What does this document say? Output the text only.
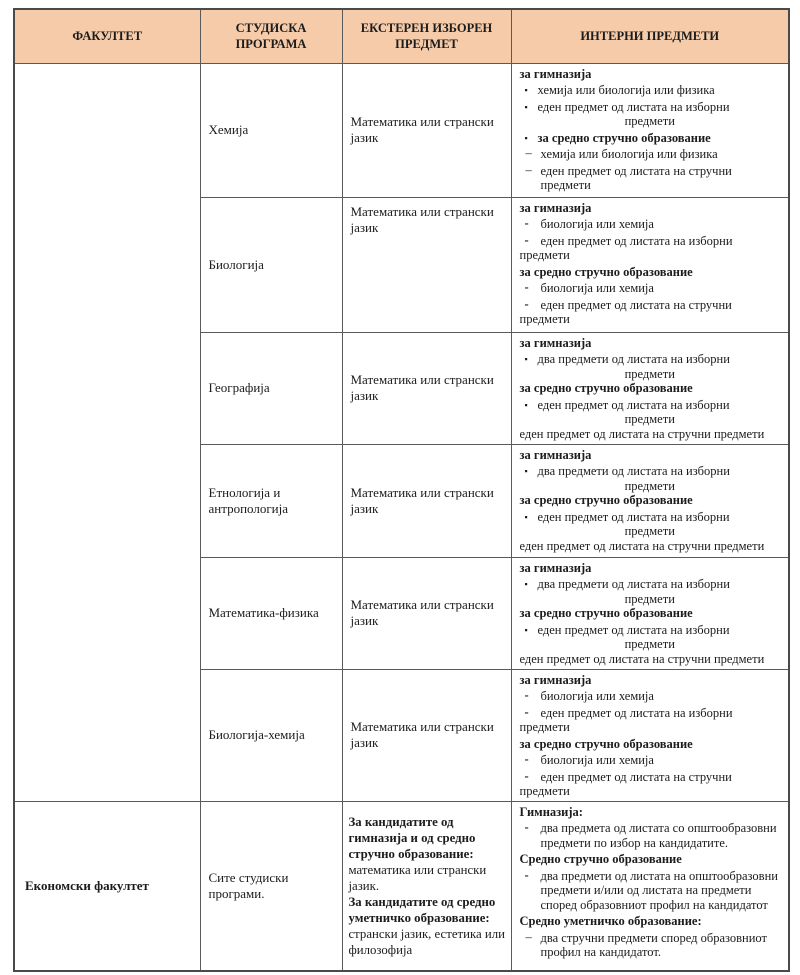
ФАКУЛТЕТ	СТУДИСКА ПРОГРАМА	ЕКСТЕРЕН ИЗБОРЕН ПРЕДМЕТ	ИНТЕРНИ ПРЕДМЕТИ
	Хемија	Математика или странски јазик	
за гимназија
▪ хемија или биологија или физика
▪ еден предмет од листата на изборни
предмети
▪ за средно стручно образование
– хемија или биологија или физика
– еден предмет од листата на стручни
предмети

Биологија	Математика или странски јазик	
за гимназија
- биологија или хемија
- еден предмет од листата на изборни
предмети
за средно стручно образование
- биологија или хемија
- еден предмет од листата на стручни
предмети

Географија	Математика или странски јазик	
за гимназија
▪ два предмети од листата на изборни
предмети
за средно стручно образование
▪ еден предмет од листата на изборни
предмети
еден предмет од листата на стручни предмети

Етнологија и антропологија	Математика или странски јазик	
за гимназија
▪ два предмети од листата на изборни
предмети
за средно стручно образование
▪ еден предмет од листата на изборни
предмети
еден предмет од листата на стручни предмети

Математика-физика	Математика или странски јазик	
за гимназија
▪ два предмети од листата на изборни
предмети
за средно стручно образование
▪ еден предмет од листата на изборни
предмети
еден предмет од листата на стручни предмети

Биологија-хемија	Математика или странски јазик	
за гимназија
- биологија или хемија
- еден предмет од листата на изборни
предмети
за средно стручно образование
- биологија или хемија
- еден предмет од листата на стручни
предмети

Економски факултет	Сите студиски програми.	
За кандидатите од
гимназија и од средно
стручно образование:
математика или странски
јазик.
За кандидатите од средно
уметничко образование:
странски јазик, естетика или
филозофија

Гимназија:
- два предмета од листата со општообразовни
предмети по избор на кандидатите.
Средно стручно образование
- два предмети од листата на општообразовни
предмети и/или од листата на предмети
според образовниот профил на кандидатот
Средно уметничко образование:
– два стручни предмети според образовниот
профил на кандидатот.
